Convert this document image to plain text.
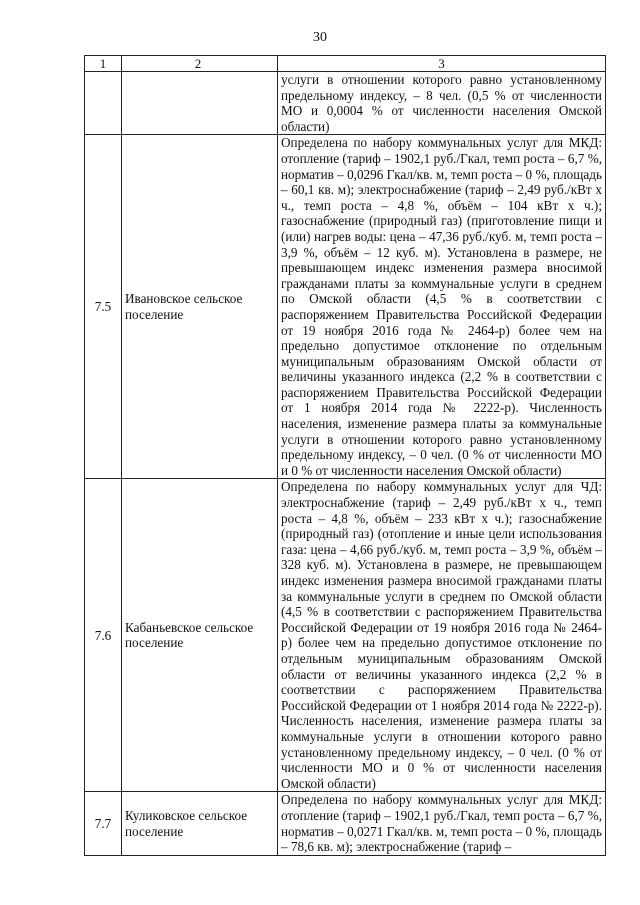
30
1	2	3
		услуги в отношении которого равно установленному предельному индексу, – 8 чел. (0,5 % от численности МО и 0,0004 % от численности населения Омской области)
7.5	Ивановское сельское поселение	Определена по набору коммунальных услуг для МКД: отопление (тариф – 1902,1 руб./Гкал, темп роста – 6,7 %, норматив – 0,0296 Гкал/кв. м, темп роста – 0 %, площадь – 60,1 кв. м); электроснабжение (тариф – 2,49 руб./кВт х ч., темп роста – 4,8 %, объём – 104 кВт х ч.); газоснабжение (природный газ) (приготовление пищи и (или) нагрев воды: цена – 47,36 руб./куб. м, темп роста – 3,9 %, объём – 12 куб. м). Установлена в размере, не превышающем индекс изменения размера вносимой гражданами платы за коммунальные услуги в среднем по Омской области (4,5 % в соответствии с распоряжением Правительства Российской Федерации от 19 ноября 2016 года № 2464-р) более чем на предельно допустимое отклонение по отдельным муниципальным образованиям Омской области от величины указанного индекса (2,2 % в соответствии с распоряжением Правительства Российской Федерации от 1 ноября 2014 года № 2222-р). Численность населения, изменение размера платы за коммунальные услуги в отношении которого равно установленному предельному индексу, – 0 чел. (0 % от численности МО и 0 % от численности населения Омской области)
7.6	Кабаньевское сельское поселение	Определена по набору коммунальных услуг для ЧД: электроснабжение (тариф – 2,49 руб./кВт х ч., темп роста – 4,8 %, объём – 233 кВт х ч.); газоснабжение (природный газ) (отопление и иные цели использования газа: цена – 4,66 руб./куб. м, темп роста – 3,9 %, объём – 328 куб. м). Установлена в размере, не превышающем индекс изменения размера вносимой гражданами платы за коммунальные услуги в среднем по Омской области (4,5 % в соответствии с распоряжением Правительства Российской Федерации от 19 ноября 2016 года № 2464-р) более чем на предельно допустимое отклонение по отдельным муниципальным образованиям Омской области от величины указанного индекса (2,2 % в соответствии с распоряжением Правительства Российской Федерации от 1 ноября 2014 года № 2222-р). Численность населения, изменение размера платы за коммунальные услуги в отношении которого равно установленному предельному индексу, – 0 чел. (0 % от численности МО и 0 % от численности населения Омской области)
7.7	Куликовское сельское поселение	Определена по набору коммунальных услуг для МКД: отопление (тариф – 1902,1 руб./Гкал, темп роста – 6,7 %, норматив – 0,0271 Гкал/кв. м, темп роста – 0 %, площадь – 78,6 кв. м); электроснабжение (тариф –
